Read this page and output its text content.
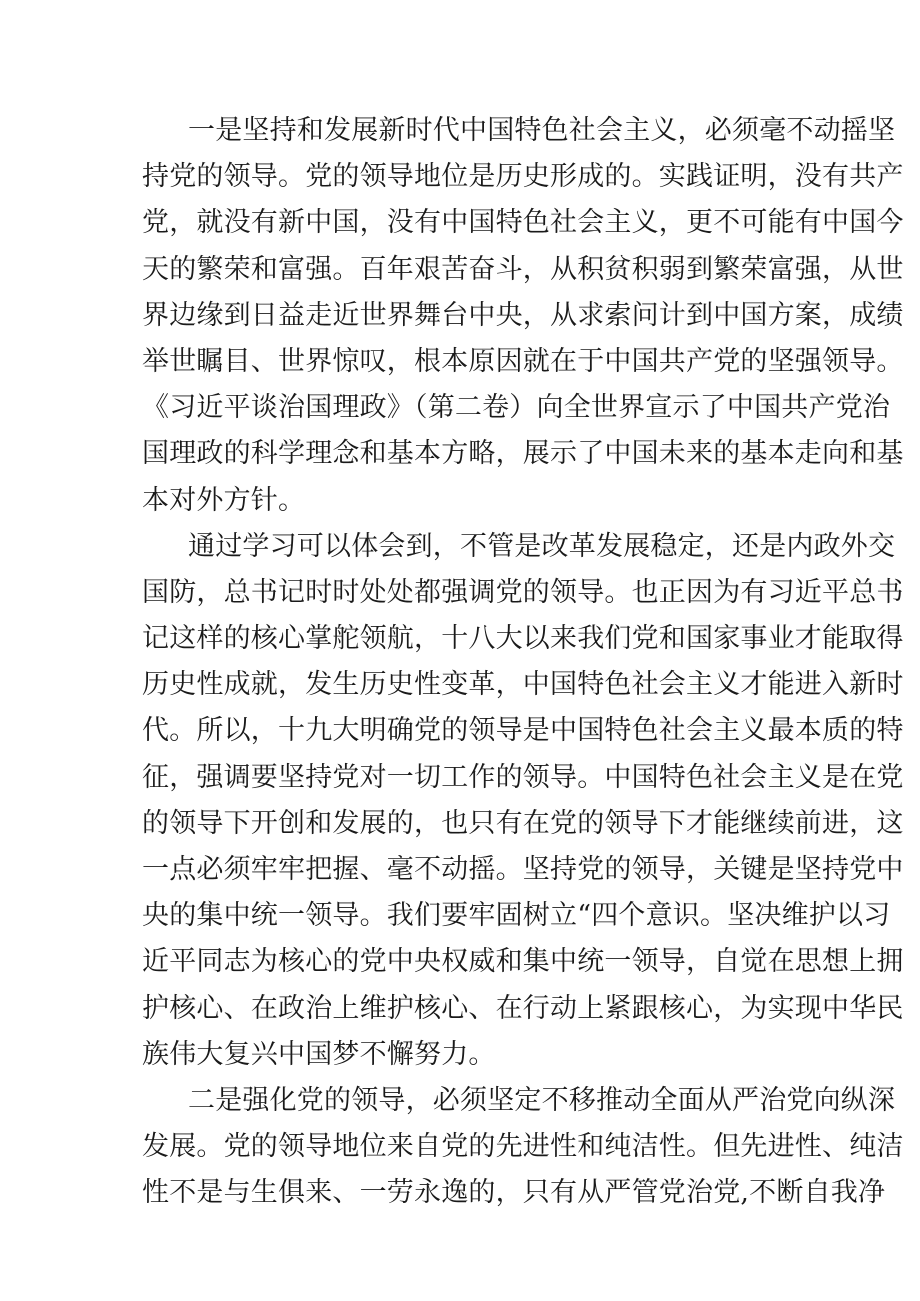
一是坚持和发展新时代中国特色社会主义，必须毫不动摇坚
持党的领导。党的领导地位是历史形成的。实践证明，没有共产
党，就没有新中国，没有中国特色社会主义，更不可能有中国今
天的繁荣和富强。百年艰苦奋斗，从积贫积弱到繁荣富强，从世
界边缘到日益走近世界舞台中央，从求索问计到中国方案，成绩
举世瞩目、世界惊叹，根本原因就在于中国共产党的坚强领导。
《习近平谈治国理政》（第二卷）向全世界宣示了中国共产党治
国理政的科学理念和基本方略，展示了中国未来的基本走向和基
本对外方针。
通过学习可以体会到，不管是改革发展稳定，还是内政外交
国防，总书记时时处处都强调党的领导。也正因为有习近平总书
记这样的核心掌舵领航，十八大以来我们党和国家事业才能取得
历史性成就，发生历史性变革，中国特色社会主义才能进入新时
代。所以，十九大明确党的领导是中国特色社会主义最本质的特
征，强调要坚持党对一切工作的领导。中国特色社会主义是在党
的领导下开创和发展的，也只有在党的领导下才能继续前进，这
一点必须牢牢把握、毫不动摇。坚持党的领导，关键是坚持党中
央的集中统一领导。我们要牢固树立“四个意识。坚决维护以习
近平同志为核心的党中央权威和集中统一领导，自觉在思想上拥
护核心、在政治上维护核心、在行动上紧跟核心，为实现中华民
族伟大复兴中国梦不懈努力。
二是强化党的领导，必须坚定不移推动全面从严治党向纵深
发展。党的领导地位来自党的先进性和纯洁性。但先进性、纯洁
性不是与生俱来、一劳永逸的，只有从严管党治党,不断自我净
